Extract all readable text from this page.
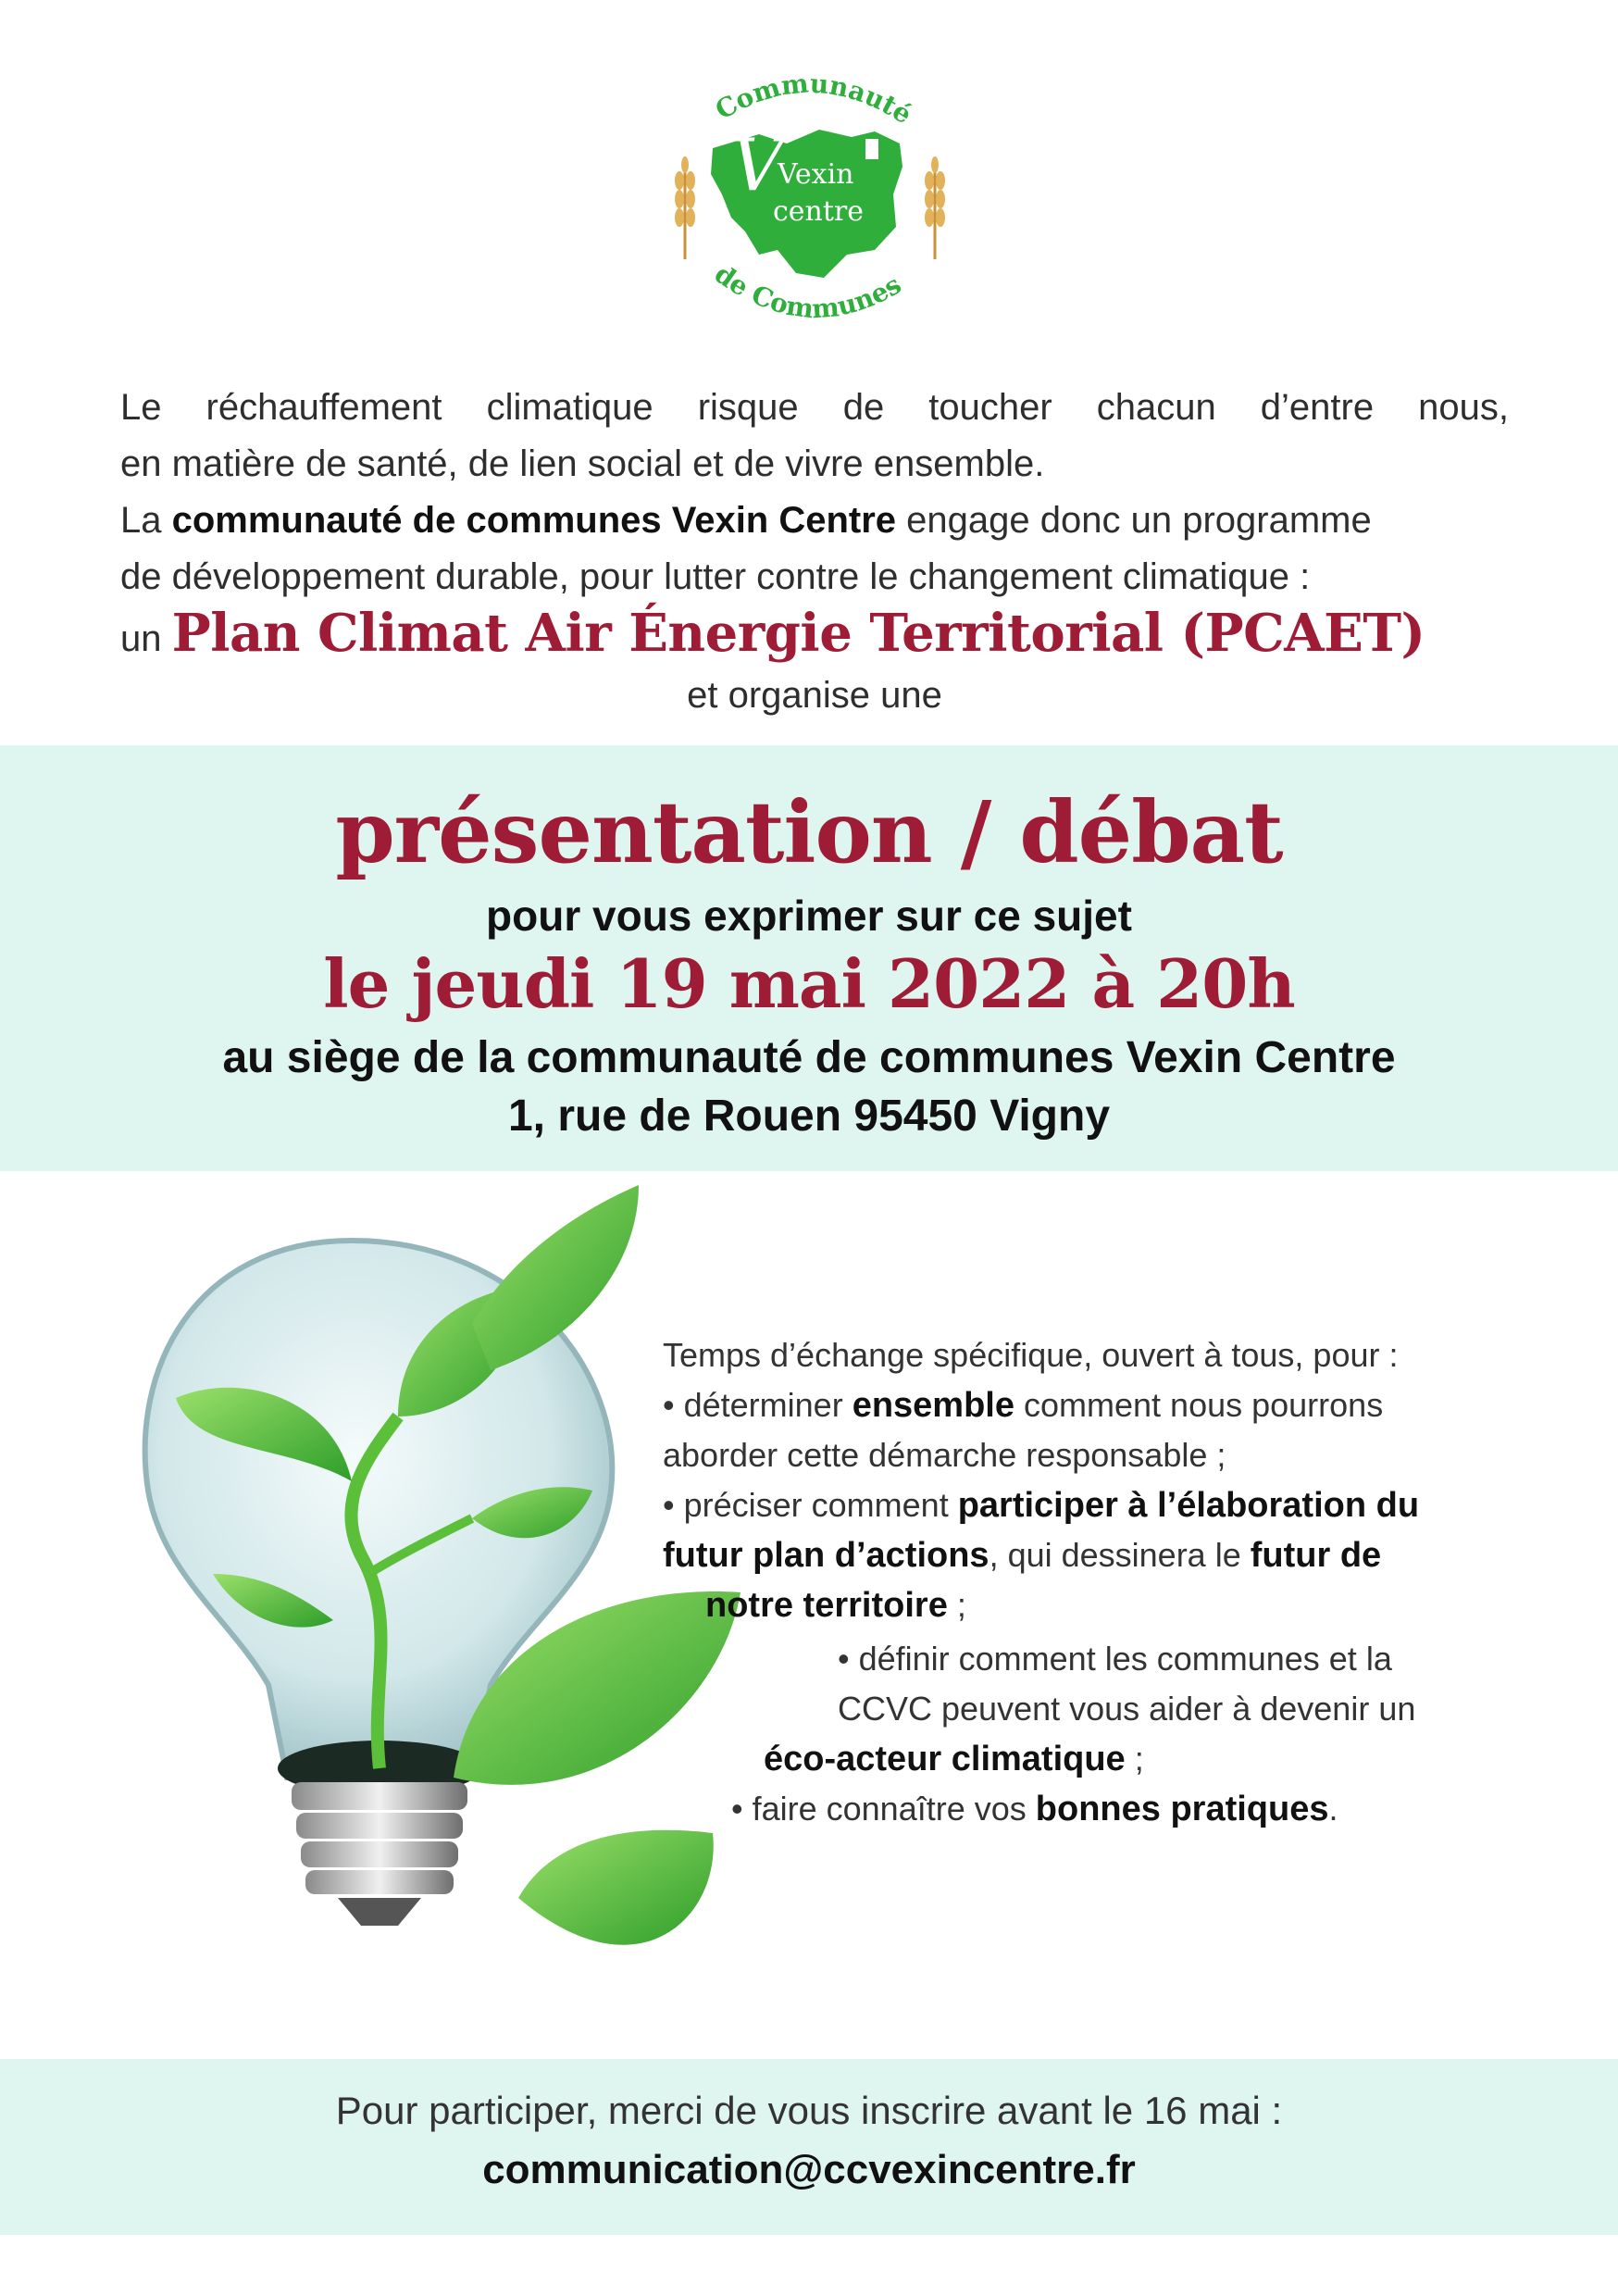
Communauté
V
Vexin
centre
de Communes
Le réchauffement climatique risque de toucher chacun d’entre nous,
en matière de santé, de lien social et de vivre ensemble.
La communauté de communes Vexin Centre engage donc un programme
de développement durable, pour lutter contre le changement climatique :
un Plan Climat Air Énergie Territorial (PCAET)
et organise une
présentation / débat
pour vous exprimer sur ce sujet
le jeudi 19 mai 2022 à 20h
au siège de la communauté de communes Vexin Centre
1, rue de Rouen 95450 Vigny
Temps d’échange spécifique, ouvert à tous, pour :
• déterminer ensemble comment nous pourrons
aborder cette démarche responsable ;
• préciser comment participer à l’élaboration du
futur plan d’actions, qui dessinera le futur de
notre territoire ;
• définir comment les communes et la
CCVC peuvent vous aider à devenir un
éco-acteur climatique ;
• faire connaître vos bonnes pratiques.
Pour participer, merci de vous inscrire avant le 16 mai :
communication@ccvexincentre.fr
